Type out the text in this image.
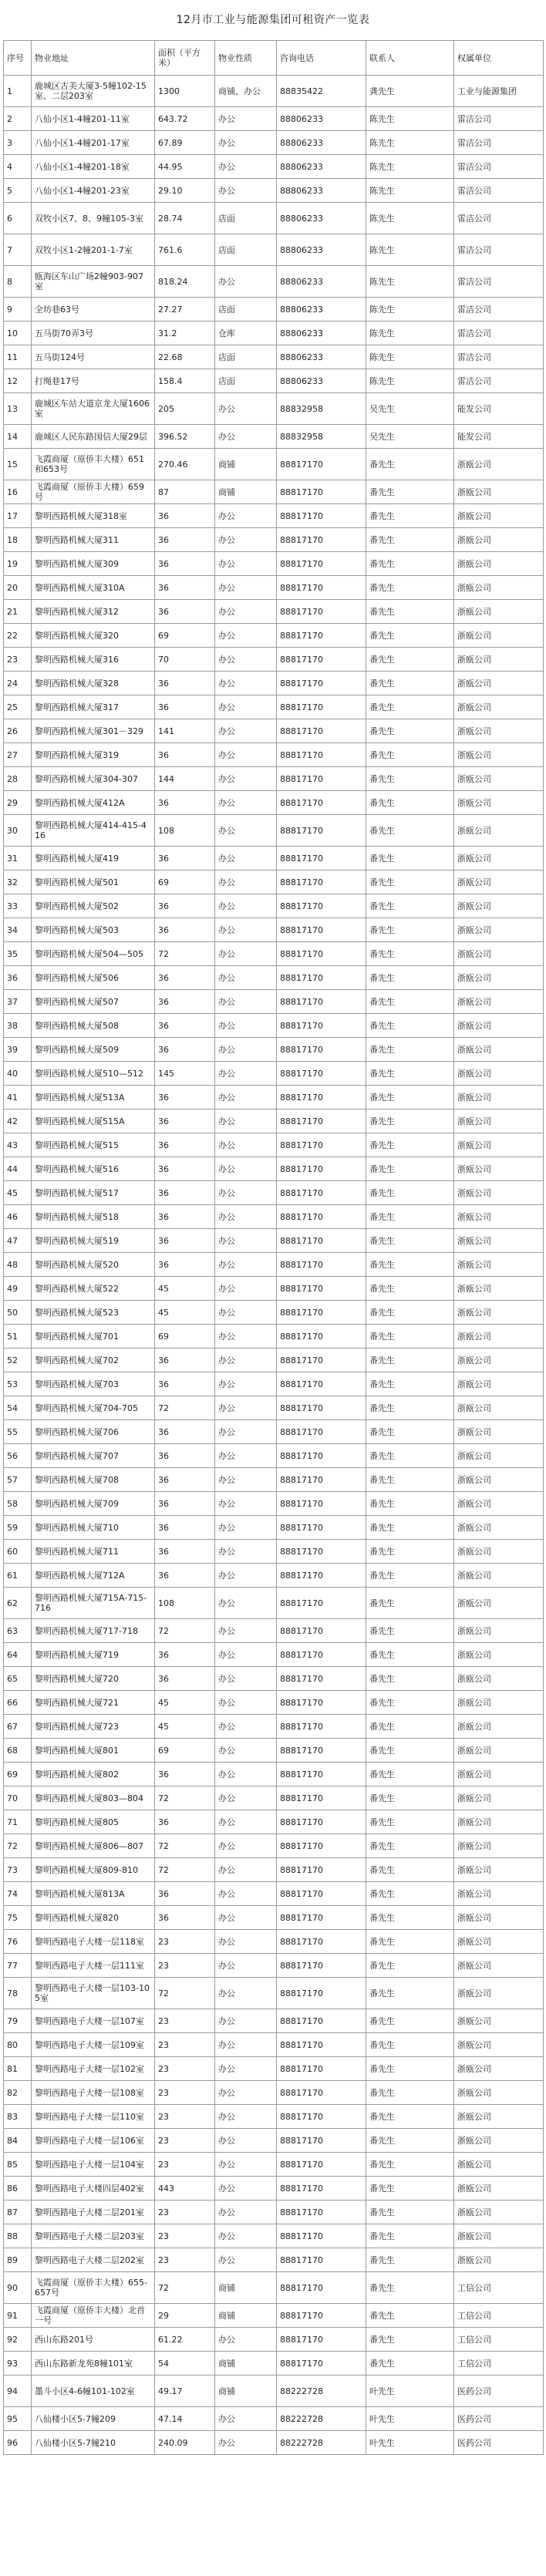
12月市工业与能源集团可租资产一览表
序号	物业地址	面积（平方米）	物业性质	咨询电话	联系人	权属单位
1	鹿城区古美大厦3-5幢102-15室、二层203室	1300	商铺、办公	88835422	龚先生	工业与能源集团
2	八仙小区1-4幢201-11室	643.72	办公	88806233	陈先生	雷洁公司
3	八仙小区1-4幢201-17室	67.89	办公	88806233	陈先生	雷洁公司
4	八仙小区1-4幢201-18室	44.95	办公	88806233	陈先生	雷洁公司
5	八仙小区1-4幢201-23室	29.10	办公	88806233	陈先生	雷洁公司
6	双牧小区7、8、9幢105-3室	28.74	店面	88806233	陈先生	雷洁公司
7	双牧小区1-2幢201-1-7室	761.6	店面	88806233	陈先生	雷洁公司
8	瓯海区车山广场2幢903-907室	818.24	办公	88806233	陈先生	雷洁公司
9	全坊巷63号	27.27	店面	88806233	陈先生	雷洁公司
10	五马街70弄3号	31.2	仓库	88806233	陈先生	雷洁公司
11	五马街124号	22.68	店面	88806233	陈先生	雷洁公司
12	打绳巷17号	158.4	店面	88806233	陈先生	雷洁公司
13	鹿城区车站大道京龙大厦1606室	205	办公	88832958	吴先生	能发公司
14	鹿城区人民东路国信大厦29层	396.52	办公	88832958	吴先生	能发公司
15	飞霞商厦（原侨丰大楼）651和653号	270.46	商铺	88817170	番先生	浙瓯公司
16	飞霞商厦（原侨丰大楼）659号	87	商铺	88817170	番先生	浙瓯公司
17	黎明西路机械大厦318室	36	办公	88817170	番先生	浙瓯公司
18	黎明西路机械大厦311	36	办公	88817170	番先生	浙瓯公司
19	黎明西路机械大厦309	36	办公	88817170	番先生	浙瓯公司
20	黎明西路机械大厦310A	36	办公	88817170	番先生	浙瓯公司
21	黎明西路机械大厦312	36	办公	88817170	番先生	浙瓯公司
22	黎明西路机械大厦320	69	办公	88817170	番先生	浙瓯公司
23	黎明西路机械大厦316	70	办公	88817170	番先生	浙瓯公司
24	黎明西路机械大厦328	36	办公	88817170	番先生	浙瓯公司
25	黎明西路机械大厦317	36	办公	88817170	番先生	浙瓯公司
26	黎明西路机械大厦301－329	141	办公	88817170	番先生	浙瓯公司
27	黎明西路机械大厦319	36	办公	88817170	番先生	浙瓯公司
28	黎明西路机械大厦304-307	144	办公	88817170	番先生	浙瓯公司
29	黎明西路机械大厦412A	36	办公	88817170	番先生	浙瓯公司
30	黎明西路机械大厦414-415-416	108	办公	88817170	番先生	浙瓯公司
31	黎明西路机械大厦419	36	办公	88817170	番先生	浙瓯公司
32	黎明西路机械大厦501	69	办公	88817170	番先生	浙瓯公司
33	黎明西路机械大厦502	36	办公	88817170	番先生	浙瓯公司
34	黎明西路机械大厦503	36	办公	88817170	番先生	浙瓯公司
35	黎明西路机械大厦504—505	72	办公	88817170	番先生	浙瓯公司
36	黎明西路机械大厦506	36	办公	88817170	番先生	浙瓯公司
37	黎明西路机械大厦507	36	办公	88817170	番先生	浙瓯公司
38	黎明西路机械大厦508	36	办公	88817170	番先生	浙瓯公司
39	黎明西路机械大厦509	36	办公	88817170	番先生	浙瓯公司
40	黎明西路机械大厦510—512	145	办公	88817170	番先生	浙瓯公司
41	黎明西路机械大厦513A	36	办公	88817170	番先生	浙瓯公司
42	黎明西路机械大厦515A	36	办公	88817170	番先生	浙瓯公司
43	黎明西路机械大厦515	36	办公	88817170	番先生	浙瓯公司
44	黎明西路机械大厦516	36	办公	88817170	番先生	浙瓯公司
45	黎明西路机械大厦517	36	办公	88817170	番先生	浙瓯公司
46	黎明西路机械大厦518	36	办公	88817170	番先生	浙瓯公司
47	黎明西路机械大厦519	36	办公	88817170	番先生	浙瓯公司
48	黎明西路机械大厦520	36	办公	88817170	番先生	浙瓯公司
49	黎明西路机械大厦522	45	办公	88817170	番先生	浙瓯公司
50	黎明西路机械大厦523	45	办公	88817170	番先生	浙瓯公司
51	黎明西路机械大厦701	69	办公	88817170	番先生	浙瓯公司
52	黎明西路机械大厦702	36	办公	88817170	番先生	浙瓯公司
53	黎明西路机械大厦703	36	办公	88817170	番先生	浙瓯公司
54	黎明西路机械大厦704-705	72	办公	88817170	番先生	浙瓯公司
55	黎明西路机械大厦706	36	办公	88817170	番先生	浙瓯公司
56	黎明西路机械大厦707	36	办公	88817170	番先生	浙瓯公司
57	黎明西路机械大厦708	36	办公	88817170	番先生	浙瓯公司
58	黎明西路机械大厦709	36	办公	88817170	番先生	浙瓯公司
59	黎明西路机械大厦710	36	办公	88817170	番先生	浙瓯公司
60	黎明西路机械大厦711	36	办公	88817170	番先生	浙瓯公司
61	黎明西路机械大厦712A	36	办公	88817170	番先生	浙瓯公司
62	黎明西路机械大厦715A-715-716	108	办公	88817170	番先生	浙瓯公司
63	黎明西路机械大厦717-718	72	办公	88817170	番先生	浙瓯公司
64	黎明西路机械大厦719	36	办公	88817170	番先生	浙瓯公司
65	黎明西路机械大厦720	36	办公	88817170	番先生	浙瓯公司
66	黎明西路机械大厦721	45	办公	88817170	番先生	浙瓯公司
67	黎明西路机械大厦723	45	办公	88817170	番先生	浙瓯公司
68	黎明西路机械大厦801	69	办公	88817170	番先生	浙瓯公司
69	黎明西路机械大厦802	36	办公	88817170	番先生	浙瓯公司
70	黎明西路机械大厦803—804	72	办公	88817170	番先生	浙瓯公司
71	黎明西路机械大厦805	36	办公	88817170	番先生	浙瓯公司
72	黎明西路机械大厦806—807	72	办公	88817170	番先生	浙瓯公司
73	黎明西路机械大厦809-810	72	办公	88817170	番先生	浙瓯公司
74	黎明西路机械大厦813A	36	办公	88817170	番先生	浙瓯公司
75	黎明西路机械大厦820	36	办公	88817170	番先生	浙瓯公司
76	黎明西路电子大楼一层118室	23	办公	88817170	番先生	浙瓯公司
77	黎明西路电子大楼一层111室	23	办公	88817170	番先生	浙瓯公司
78	黎明西路电子大楼一层103-105室	72	办公	88817170	番先生	浙瓯公司
79	黎明西路电子大楼一层107室	23	办公	88817170	番先生	浙瓯公司
80	黎明西路电子大楼一层109室	23	办公	88817170	番先生	浙瓯公司
81	黎明西路电子大楼一层102室	23	办公	88817170	番先生	浙瓯公司
82	黎明西路电子大楼一层108室	23	办公	88817170	番先生	浙瓯公司
83	黎明西路电子大楼一层110室	23	办公	88817170	番先生	浙瓯公司
84	黎明西路电子大楼一层106室	23	办公	88817170	番先生	浙瓯公司
85	黎明西路电子大楼一层104室	23	办公	88817170	番先生	浙瓯公司
86	黎明西路电子大楼四层402室	443	办公	88817170	番先生	浙瓯公司
87	黎明西路电子大楼二层201室	23	办公	88817170	番先生	浙瓯公司
88	黎明西路电子大楼二层203室	23	办公	88817170	番先生	浙瓯公司
89	黎明西路电子大楼二层202室	23	办公	88817170	番先生	浙瓯公司
90	飞霞商厦（原侨丰大楼）655-657号	72	商铺	88817170	番先生	工信公司
91	飞霞商厦（原侨丰大楼）北首一号	29	商铺	88817170	番先生	工信公司
92	西山东路201号	61.22	办公	88817170	番先生	工信公司
93	西山东路新龙苑8幢101室	54	商铺	88817170	番先生	工信公司
94	墨斗小区4-6幢101-102室	49.17	商铺	88222728	叶先生	医药公司
95	八仙楼小区5-7幢209	47.14	办公	88222728	叶先生	医药公司
96	八仙楼小区5-7幢210	240.09	办公	88222728	叶先生	医药公司
